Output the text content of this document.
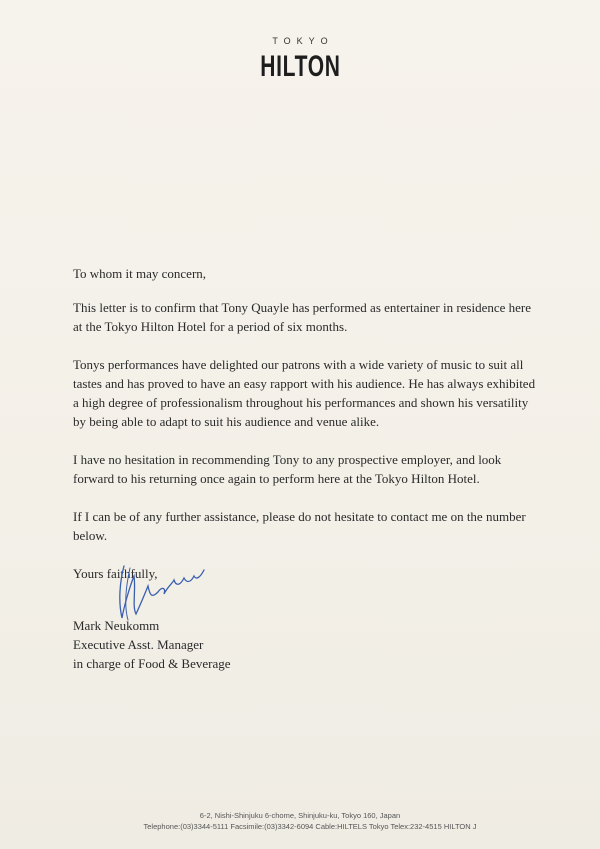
TOKYO
HILTON

To whom it may concern,

This letter is to confirm that Tony Quayle has performed as entertainer in residence here at the Tokyo Hilton Hotel for a period of six months.

Tonys performances have delighted our patrons with a wide variety of music to suit all tastes and has proved to have an easy rapport with his audience. He has always exhibited a high degree of professionalism throughout his performances and shown his versatility by being able to adapt to suit his audience and venue alike.

I have no hesitation in recommending Tony to any prospective employer, and look forward to his returning once again to perform here at the Tokyo Hilton Hotel.

If I can be of any further assistance, please do not hesitate to contact me on the number below.

Yours faithfully,

Mark Neukomm
Executive Asst. Manager
in charge of Food & Beverage
6-2, Nishi-Shinjuku 6-chome, Shinjuku-ku, Tokyo 160, Japan
Telephone:(03)3344-5111 Facsimile:(03)3342-6094 Cable:HILTELS Tokyo Telex:232-4515 HILTON J
